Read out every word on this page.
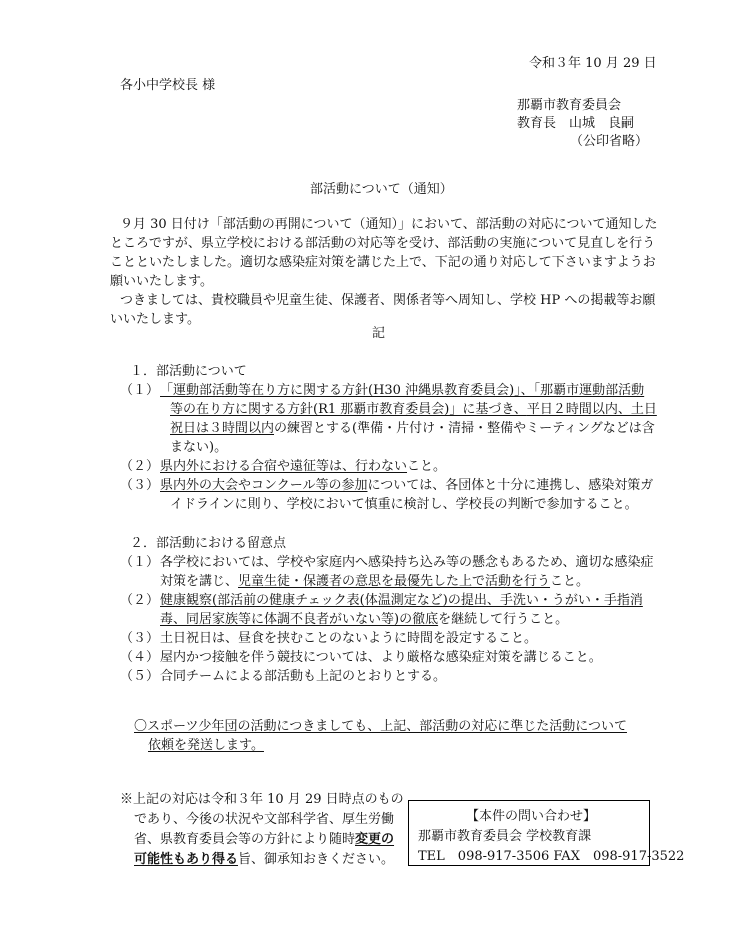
令和３年 10 月 29 日
各小中学校長 様
那覇市教育委員会
教育長　山城　良嗣
（公印省略）
部活動について（通知）
９月 30 日付け「部活動の再開について（通知）」において、部活動の対応について通知した
ところですが、県立学校における部活動の対応等を受け、部活動の実施について見直しを行う
ことといたしました。適切な感染症対策を講じた上で、下記の通り対応して下さいますようお
願いいたします。
つきましては、貴校職員や児童生徒、保護者、関係者等へ周知し、学校 HP への掲載等お願
いいたします。
記
１．部活動について
（１） 「運動部活動等在り方に関する方針(H30 沖縄県教育委員会)」、「那覇市運動部活動
等の在り方に関する方針(R1 那覇市教育委員会)」に基づき、平日２時間以内、土日
祝日は３時間以内の練習とする(準備・片付け・清掃・整備やミーティングなどは含
まない)。
（２） 県内外における合宿や遠征等は、行わないこと。
（３） 県内外の大会やコンクール等の参加については、各団体と十分に連携し、感染対策ガ
イドラインに則り、学校において慎重に検討し、学校長の判断で参加すること。
２．部活動における留意点
（１） 各学校においては、学校や家庭内へ感染持ち込み等の懸念もあるため、適切な感染症
対策を講じ、児童生徒・保護者の意思を最優先した上で活動を行うこと。
（２） 健康観察(部活前の健康チェック表(体温測定など)の提出、手洗い・うがい・手指消
毒、同居家族等に体調不良者がいない等)の徹底を継続して行うこと。
（３） 土日祝日は、昼食を挟むことのないように時間を設定すること。
（４） 屋内かつ接触を伴う競技については、より厳格な感染症対策を講じること。
（５） 合同チームによる部活動も上記のとおりとする。
〇スポーツ少年団の活動につきましても、上記、部活動の対応に準じた活動について
依頼を発送します。
※上記の対応は令和３年 10 月 29 日時点のもの
であり、今後の状況や文部科学省、厚生労働
省、県教育委員会等の方針により随時変更の
可能性もあり得る旨、御承知おきください。
【本件の問い合わせ】
那覇市教育委員会 学校教育課
TEL　098-917-3506 FAX　098-917-3522
